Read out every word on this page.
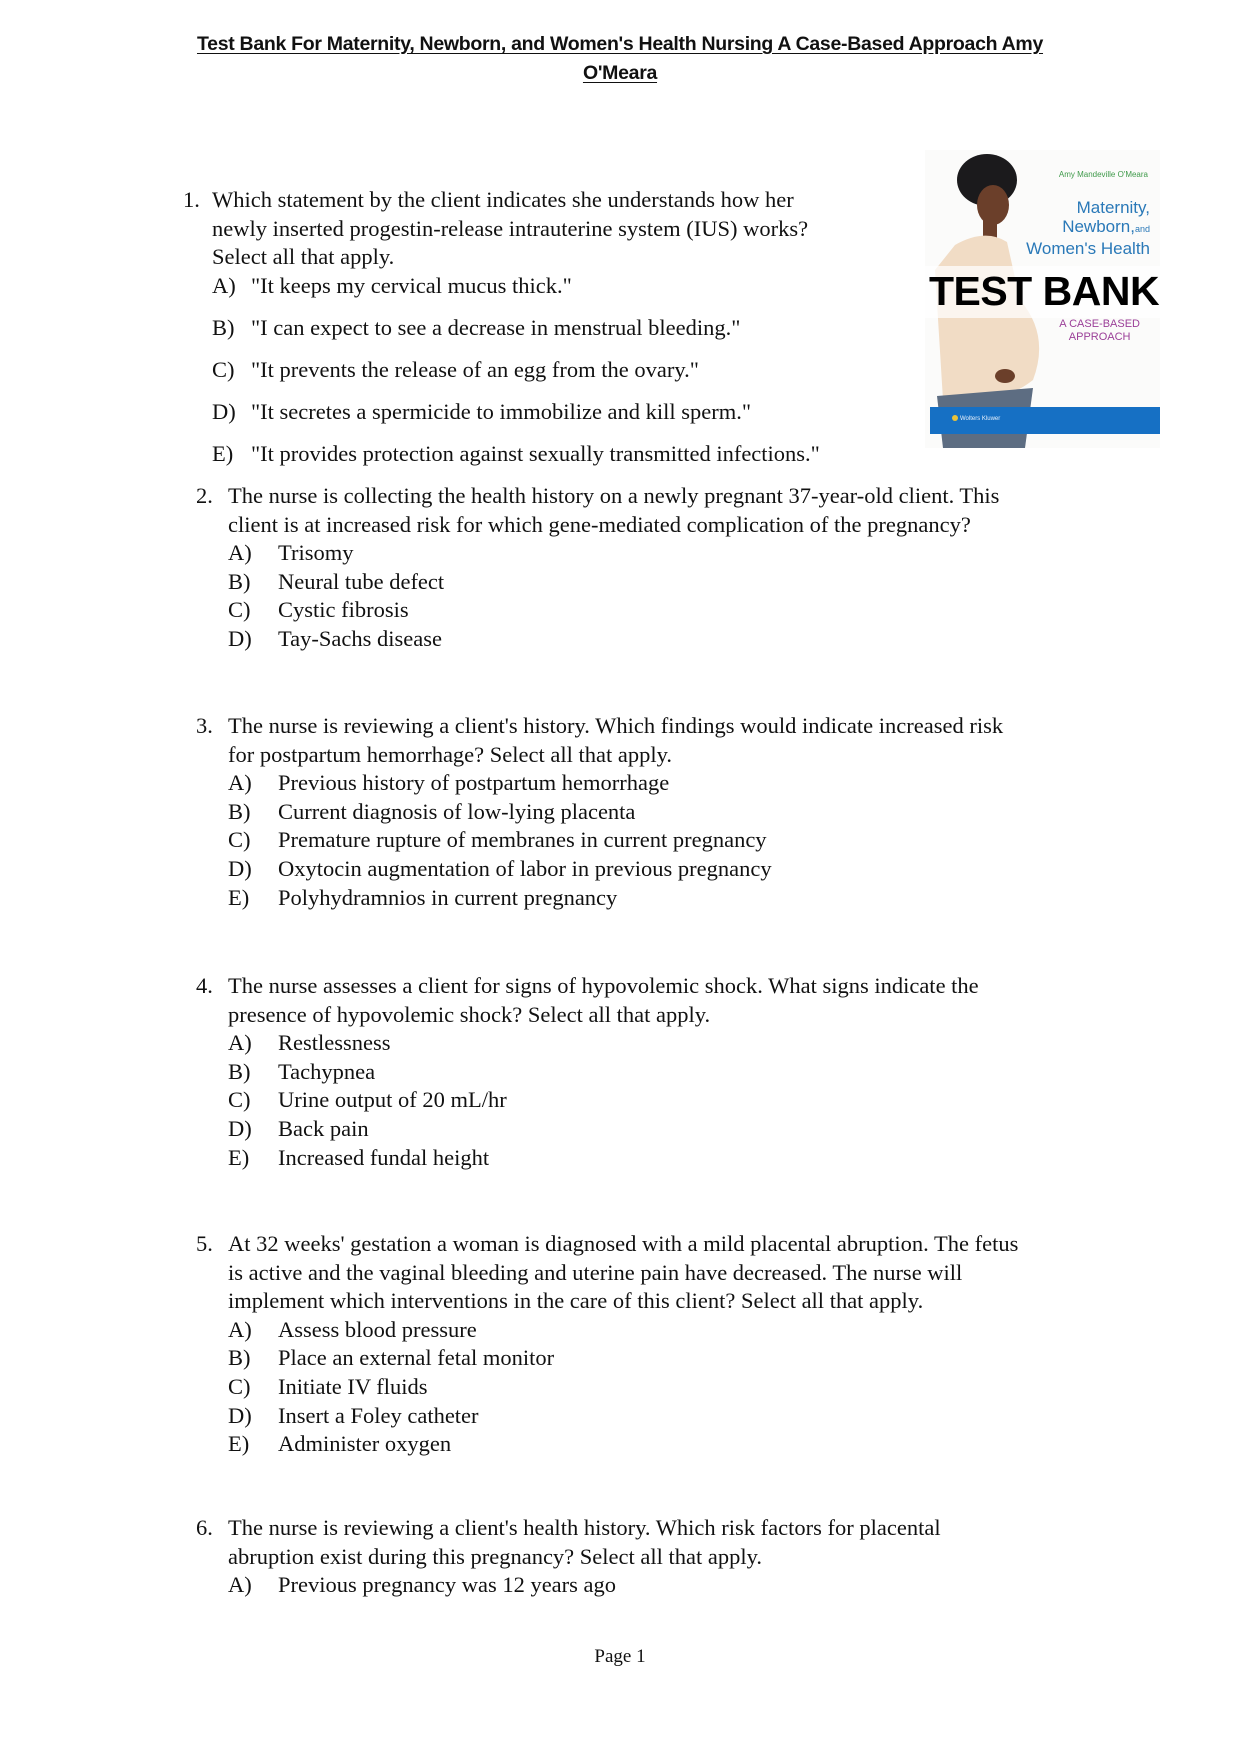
Test Bank For Maternity, Newborn, and Women's Health Nursing A Case-Based Approach Amy
O'Meara
Amy Mandeville O'Meara
Maternity,
Newborn,and
Women's Health
TEST BANK
A CASE-BASED
APPROACH
Wolters Kluwer
1. Which statement by the client indicates she understands how her
newly inserted progestin-release intrauterine system (IUS) works?
Select all that apply.
A) "It keeps my cervical mucus thick."
B) "I can expect to see a decrease in menstrual bleeding."
C) "It prevents the release of an egg from the ovary."
D) "It secretes a spermicide to immobilize and kill sperm."
E) "It provides protection against sexually transmitted infections."
2. The nurse is collecting the health history on a newly pregnant 37-year-old client. This
client is at increased risk for which gene-mediated complication of the pregnancy?
A) Trisomy
B) Neural tube defect
C) Cystic fibrosis
D) Tay-Sachs disease
3. The nurse is reviewing a client's history. Which findings would indicate increased risk
for postpartum hemorrhage? Select all that apply.
A) Previous history of postpartum hemorrhage
B) Current diagnosis of low-lying placenta
C) Premature rupture of membranes in current pregnancy
D) Oxytocin augmentation of labor in previous pregnancy
E) Polyhydramnios in current pregnancy
4. The nurse assesses a client for signs of hypovolemic shock. What signs indicate the
presence of hypovolemic shock? Select all that apply.
A) Restlessness
B) Tachypnea
C) Urine output of 20 mL/hr
D) Back pain
E) Increased fundal height
5. At 32 weeks' gestation a woman is diagnosed with a mild placental abruption. The fetus
is active and the vaginal bleeding and uterine pain have decreased. The nurse will
implement which interventions in the care of this client? Select all that apply.
A) Assess blood pressure
B) Place an external fetal monitor
C) Initiate IV fluids
D) Insert a Foley catheter
E) Administer oxygen
6. The nurse is reviewing a client's health history. Which risk factors for placental
abruption exist during this pregnancy? Select all that apply.
A) Previous pregnancy was 12 years ago
Page 1
